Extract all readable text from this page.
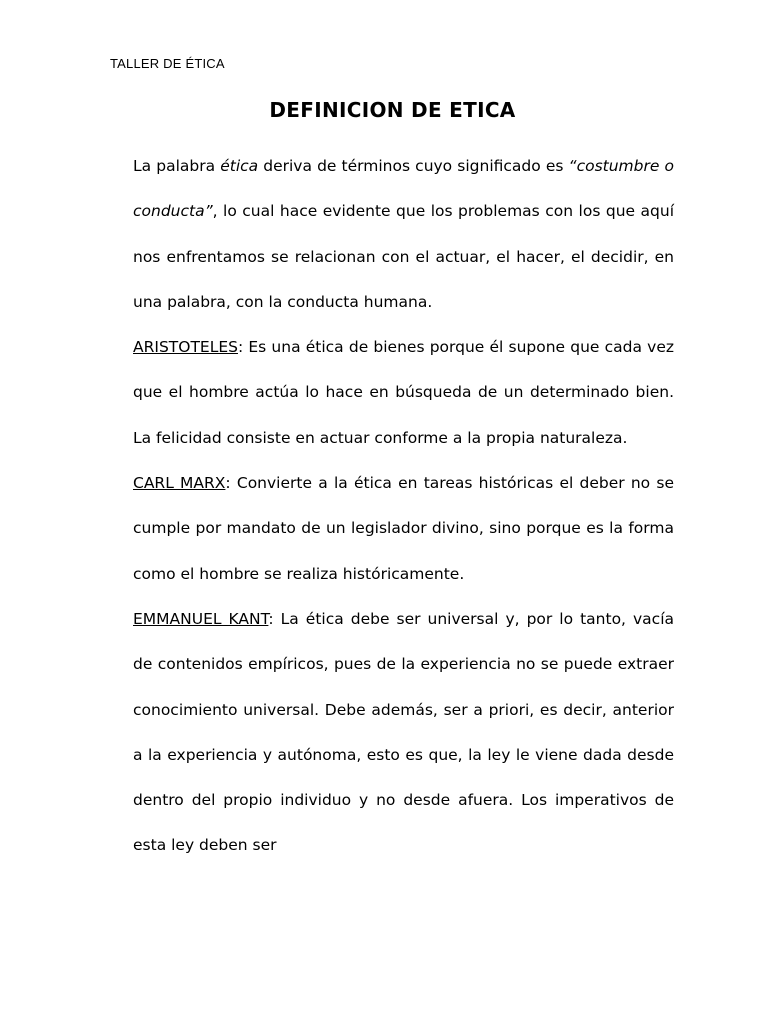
TALLER DE ÉTICA
DEFINICION DE ETICA

La palabra ética deriva de términos cuyo significado es “costumbre o conducta”, lo cual hace evidente que los problemas con los que aquí nos enfrentamos se relacionan con el actuar, el hacer, el decidir, en una palabra, con la conducta humana.

ARISTOTELES: Es una ética de bienes porque él supone que cada vez que el hombre actúa lo hace en búsqueda de un determinado bien. La felicidad consiste en actuar conforme a la propia naturaleza.

CARL MARX: Convierte a la ética en tareas históricas el deber no se cumple por mandato de un legislador divino, sino porque es la forma como el hombre se realiza históricamente.

EMMANUEL KANT: La ética debe ser universal y, por lo tanto, vacía de contenidos empíricos, pues de la experiencia no se puede extraer conocimiento universal. Debe además, ser a priori, es decir, anterior a la experiencia y autónoma, esto es que, la ley le viene dada desde dentro del propio individuo y no desde afuera. Los imperativos de esta ley deben ser
